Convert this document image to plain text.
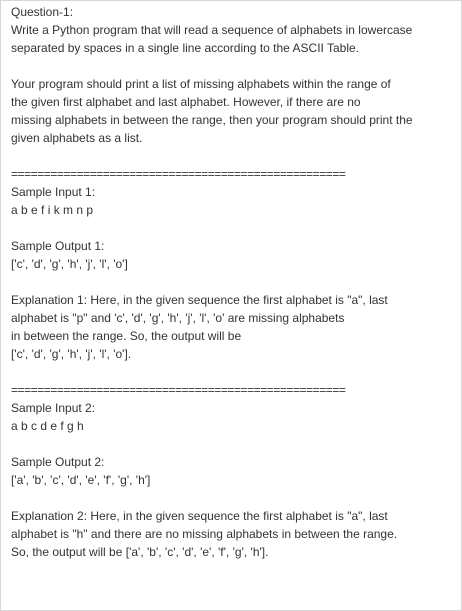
Question-1:
Write a Python program that will read a sequence of alphabets in lowercase
separated by spaces in a single line according to the ASCII Table.
Your program should print a list of missing alphabets within the range of
the given first alphabet and last alphabet. However, if there are no
missing alphabets in between the range, then your program should print the
given alphabets as a list.
===================================================
Sample Input 1:
a b e f i k m n p
Sample Output 1:
['c', 'd', 'g', 'h', 'j', 'l', 'o']
Explanation 1: Here, in the given sequence the first alphabet is "a", last
alphabet is "p" and 'c', 'd', 'g', 'h', 'j', 'l', 'o' are missing alphabets
in between the range. So, the output will be
['c', 'd', 'g', 'h', 'j', 'l', 'o'].
===================================================
Sample Input 2:
a b c d e f g h
Sample Output 2:
['a', 'b', 'c', 'd', 'e', 'f', 'g', 'h']
Explanation 2: Here, in the given sequence the first alphabet is "a", last
alphabet is "h" and there are no missing alphabets in between the range.
So, the output will be ['a', 'b', 'c', 'd', 'e', 'f', 'g', 'h'].
